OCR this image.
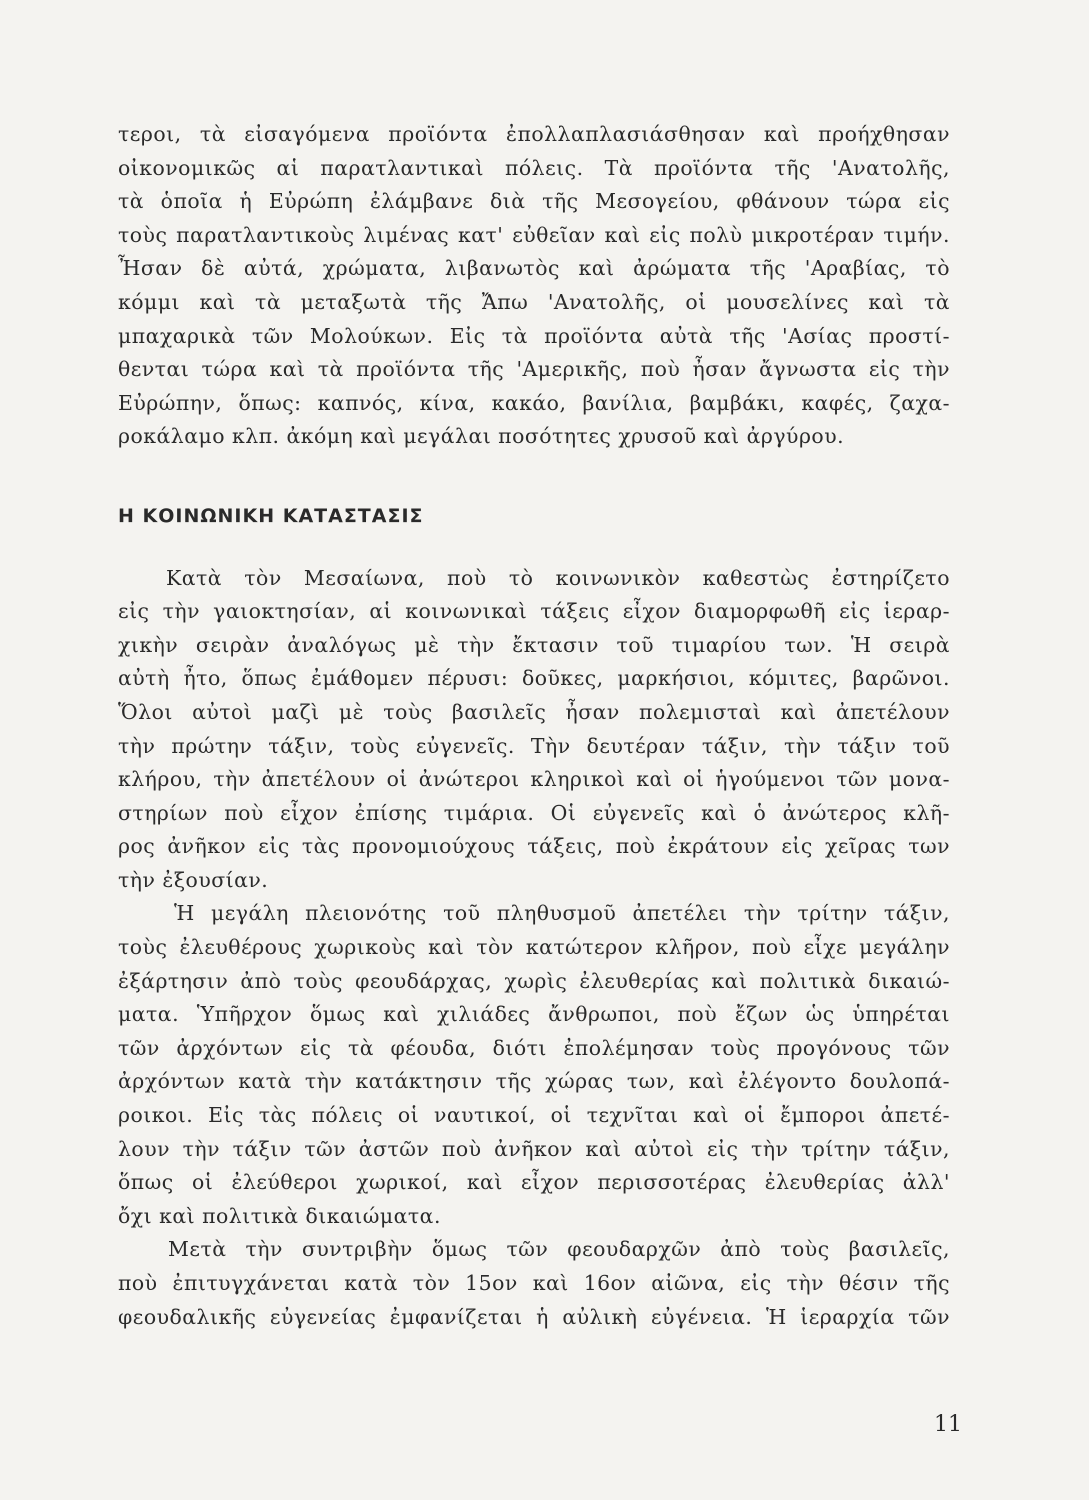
τεροι, τὰ εἰσαγόμενα προϊόντα ἐπολλαπλασιάσθησαν καὶ προήχθησαν
οἰκονομικῶς αἱ παρατλαντικαὶ πόλεις. Τὰ προϊόντα τῆς 'Ανατολῆς,
τὰ ὁποῖα ἡ Εὐρώπη ἐλάμβανε διὰ τῆς Μεσογείου, φθάνουν τώρα εἰς
τοὺς παρατλαντικοὺς λιμένας κατ' εὐθεῖαν καὶ εἰς πολὺ μικροτέραν τιμήν.
Ἦσαν δὲ αὐτά, χρώματα, λιβανωτὸς καὶ ἀρώματα τῆς 'Αραβίας, τὸ
κόμμι καὶ τὰ μεταξωτὰ τῆς Ἄπω 'Ανατολῆς, οἱ μουσελίνες καὶ τὰ
μπαχαρικὰ τῶν Μολούκων. Εἰς τὰ προϊόντα αὐτὰ τῆς 'Ασίας προστί-
θενται τώρα καὶ τὰ προϊόντα τῆς 'Αμερικῆς, ποὺ ἦσαν ἄγνωστα εἰς τὴν
Εὐρώπην, ὅπως: καπνός, κίνα, κακάο, βανίλια, βαμβάκι, καφές, ζαχα-
ροκάλαμο κλπ. ἀκόμη καὶ μεγάλαι ποσότητες χρυσοῦ καὶ ἀργύρου.
Η ΚΟΙΝΩΝΙΚΗ ΚΑΤΑΣΤΑΣΙΣ
Κατὰ τὸν Μεσαίωνα, ποὺ τὸ κοινωνικὸν καθεστὼς ἐστηρίζετο
εἰς τὴν γαιοκτησίαν, αἱ κοινωνικαὶ τάξεις εἶχον διαμορφωθῆ εἰς ἱεραρ-
χικὴν σειρὰν ἀναλόγως μὲ τὴν ἔκτασιν τοῦ τιμαρίου των. Ἡ σειρὰ
αὐτὴ ἦτο, ὅπως ἐμάθομεν πέρυσι: δοῦκες, μαρκήσιοι, κόμιτες, βαρῶνοι.
Ὅλοι αὐτοὶ μαζὶ μὲ τοὺς βασιλεῖς ἦσαν πολεμισταὶ καὶ ἀπετέλουν
τὴν πρώτην τάξιν, τοὺς εὐγενεῖς. Τὴν δευτέραν τάξιν, τὴν τάξιν τοῦ
κλήρου, τὴν ἀπετέλουν οἱ ἀνώτεροι κληρικοὶ καὶ οἱ ἡγούμενοι τῶν μονα-
στηρίων ποὺ εἶχον ἐπίσης τιμάρια. Οἱ εὐγενεῖς καὶ ὁ ἀνώτερος κλῆ-
ρος ἀνῆκον εἰς τὰς προνομιούχους τάξεις, ποὺ ἐκράτουν εἰς χεῖρας των
τὴν ἐξουσίαν.
Ἡ μεγάλη πλειονότης τοῦ πληθυσμοῦ ἀπετέλει τὴν τρίτην τάξιν,
τοὺς ἐλευθέρους χωρικοὺς καὶ τὸν κατώτερον κλῆρον, ποὺ εἶχε μεγάλην
ἐξάρτησιν ἀπὸ τοὺς φεουδάρχας, χωρὶς ἐλευθερίας καὶ πολιτικὰ δικαιώ-
ματα. Ὑπῆρχον ὅμως καὶ χιλιάδες ἄνθρωποι, ποὺ ἔζων ὡς ὑπηρέται
τῶν ἀρχόντων εἰς τὰ φέουδα, διότι ἐπολέμησαν τοὺς προγόνους τῶν
ἀρχόντων κατὰ τὴν κατάκτησιν τῆς χώρας των, καὶ ἐλέγοντο δουλοπά-
ροικοι. Εἰς τὰς πόλεις οἱ ναυτικοί, οἱ τεχνῖται καὶ οἱ ἔμποροι ἀπετέ-
λουν τὴν τάξιν τῶν ἀστῶν ποὺ ἀνῆκον καὶ αὐτοὶ εἰς τὴν τρίτην τάξιν,
ὅπως οἱ ἐλεύθεροι χωρικοί, καὶ εἶχον περισσοτέρας ἐλευθερίας ἀλλ'
ὄχι καὶ πολιτικὰ δικαιώματα.
Μετὰ τὴν συντριβὴν ὅμως τῶν φεουδαρχῶν ἀπὸ τοὺς βασιλεῖς,
ποὺ ἐπιτυγχάνεται κατὰ τὸν 15ον καὶ 16ον αἰῶνα, εἰς τὴν θέσιν τῆς
φεουδαλικῆς εὐγενείας ἐμφανίζεται ἡ αὐλικὴ εὐγένεια. Ἡ ἱεραρχία τῶν
11
